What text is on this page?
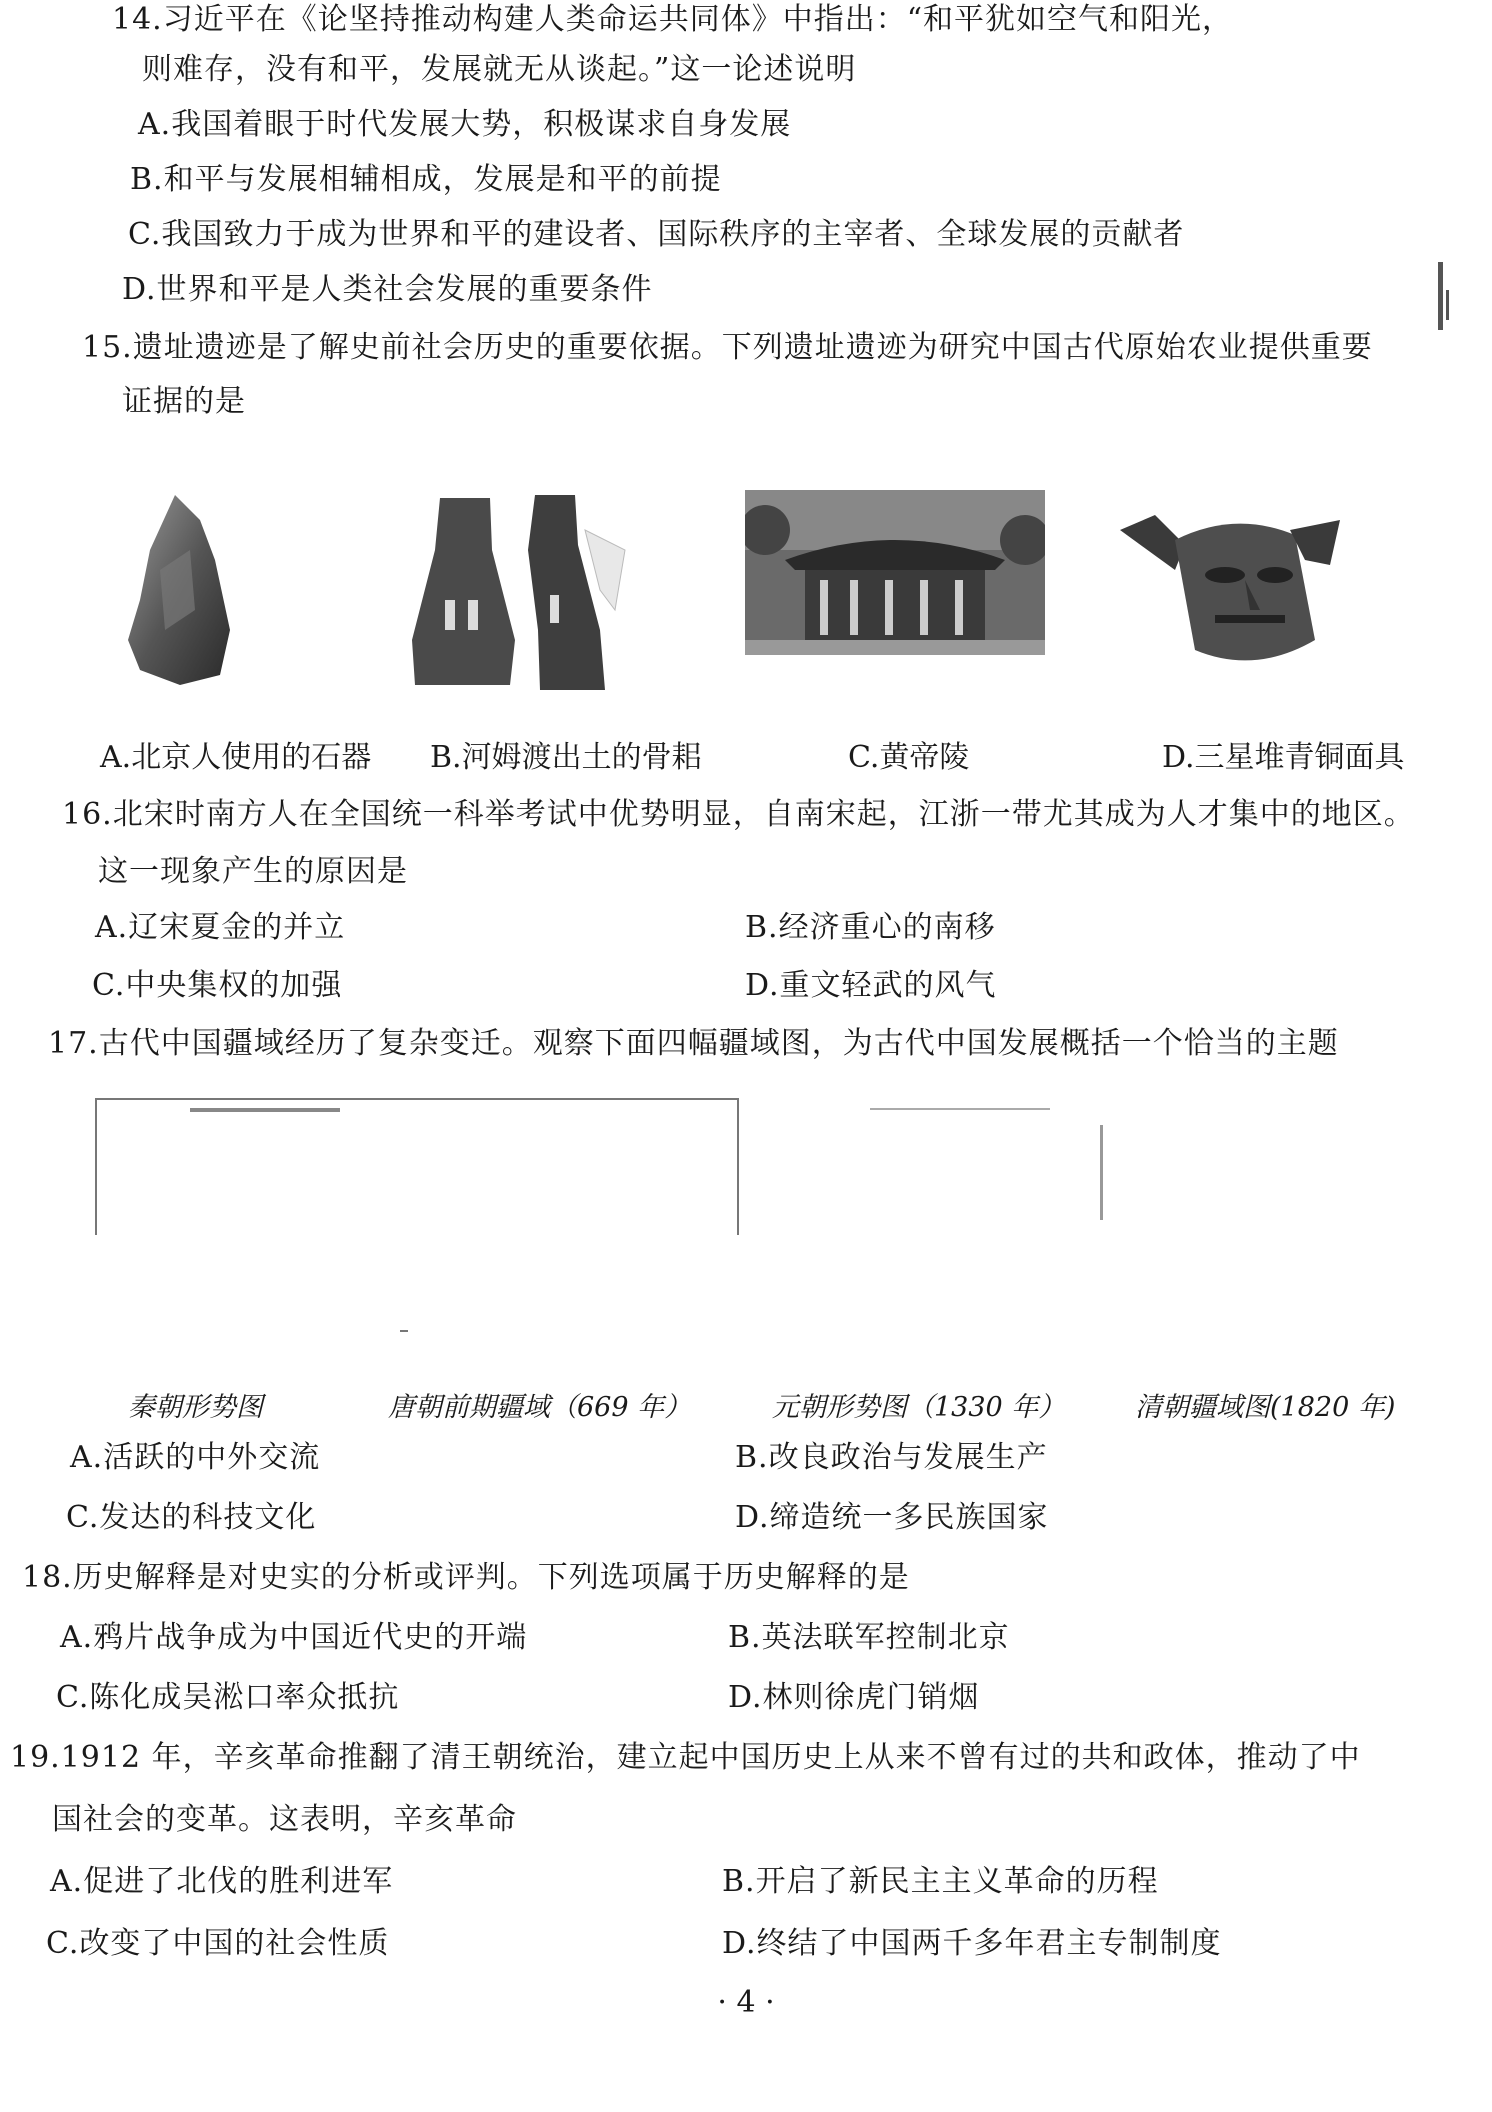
14.习近平在《论坚持推动构建人类命运共同体》中指出：“和平犹如空气和阳光，
则难存，没有和平，发展就无从谈起。”这一论述说明
A.我国着眼于时代发展大势，积极谋求自身发展
B.和平与发展相辅相成，发展是和平的前提
C.我国致力于成为世界和平的建设者、国际秩序的主宰者、全球发展的贡献者
D.世界和平是人类社会发展的重要条件
15.遗址遗迹是了解史前社会历史的重要依据。下列遗址遗迹为研究中国古代原始农业提供重要
证据的是
A.北京人使用的石器 B.河姆渡出土的骨耜	C.黄帝陵	D.三星堆青铜面具
16.北宋时南方人在全国统一科举考试中优势明显，自南宋起，江浙一带尤其成为人才集中的地区。
这一现象产生的原因是
A.辽宋夏金的并立	B.经济重心的南移
C.中央集权的加强	D.重文轻武的风气
17.古代中国疆域经历了复杂变迁。观察下面四幅疆域图，为古代中国发展概括一个恰当的主题
秦朝形势图	唐朝前期疆域（669 年）	元朝形势图（1330 年）	清朝疆域图(1820 年)
A.活跃的中外交流	B.改良政治与发展生产
C.发达的科技文化	D.缔造统一多民族国家
18.历史解释是对史实的分析或评判。下列选项属于历史解释的是
A.鸦片战争成为中国近代史的开端	B.英法联军控制北京
C.陈化成吴淞口率众抵抗	D.林则徐虎门销烟
19.1912 年，辛亥革命推翻了清王朝统治，建立起中国历史上从来不曾有过的共和政体，推动了中
国社会的变革。这表明，辛亥革命
A.促进了北伐的胜利进军	B.开启了新民主主义革命的历程
C.改变了中国的社会性质	D.终结了中国两千多年君主专制制度
· 4 ·
